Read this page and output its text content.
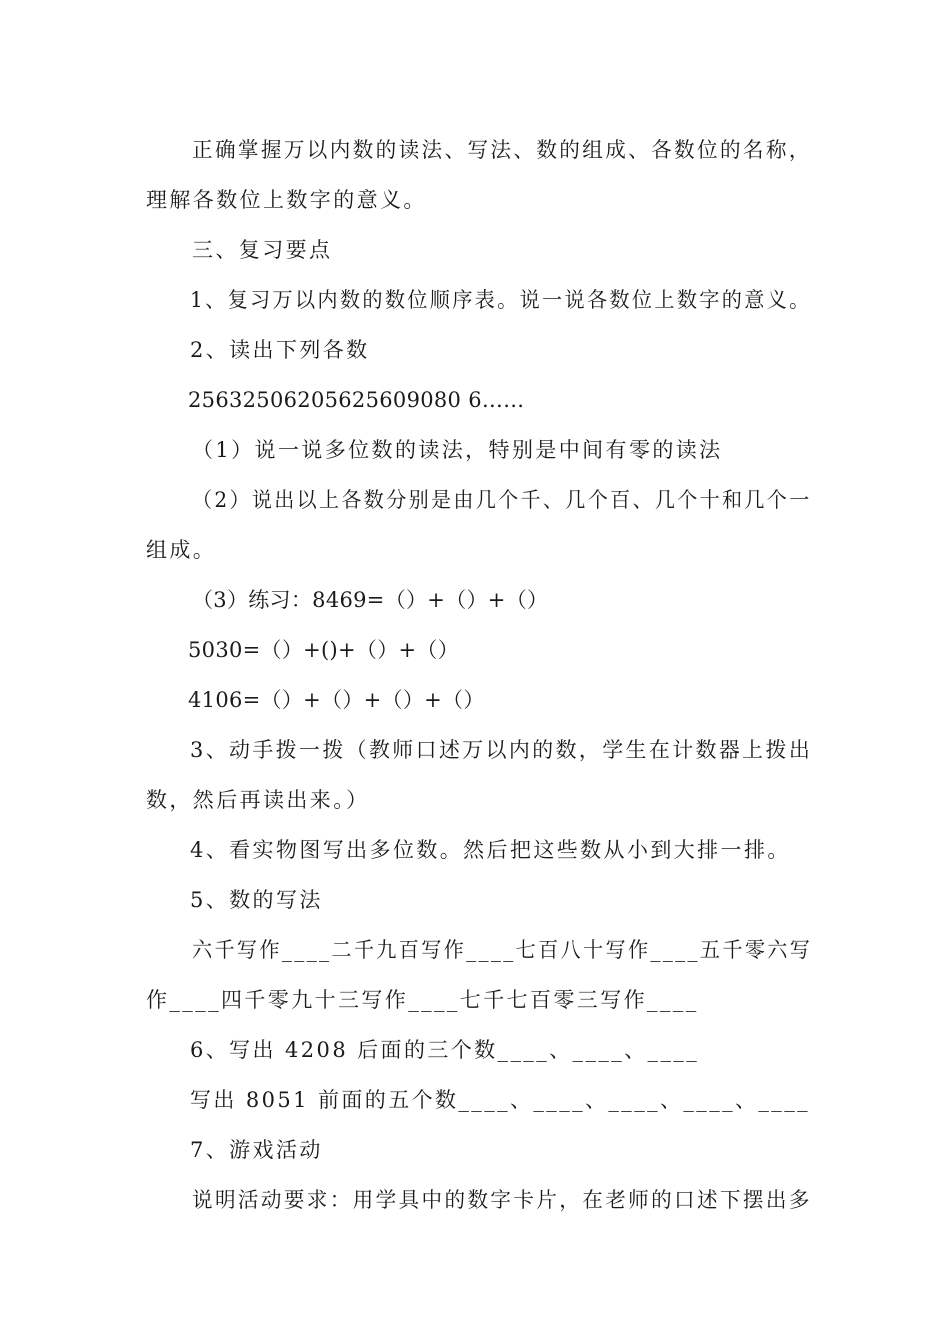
正确掌握万以内数的读法、写法、数的组成、各数位的名称，
理解各数位上数字的意义。
三、复习要点
1、复习万以内数的数位顺序表。说一说各数位上数字的意义。
2、读出下列各数
25632506205625609080 6……
（1）说一说多位数的读法，特别是中间有零的读法
（2）说出以上各数分别是由几个千、几个百、几个十和几个一
组成。
（3）练习：8469=（）+（）+（）
5030=（）+()+（）+（）
4106=（）+（）+（）+（）
3、动手拨一拨（教师口述万以内的数，学生在计数器上拨出
数，然后再读出来。）
4、看实物图写出多位数。然后把这些数从小到大排一排。
5、数的写法
六千写作____二千九百写作____七百八十写作____五千零六写
作____四千零九十三写作____七千七百零三写作____
6、写出 4208 后面的三个数____、____、____
写出 8051 前面的五个数____、____、____、____、____
7、游戏活动
说明活动要求：用学具中的数字卡片，在老师的口述下摆出多
